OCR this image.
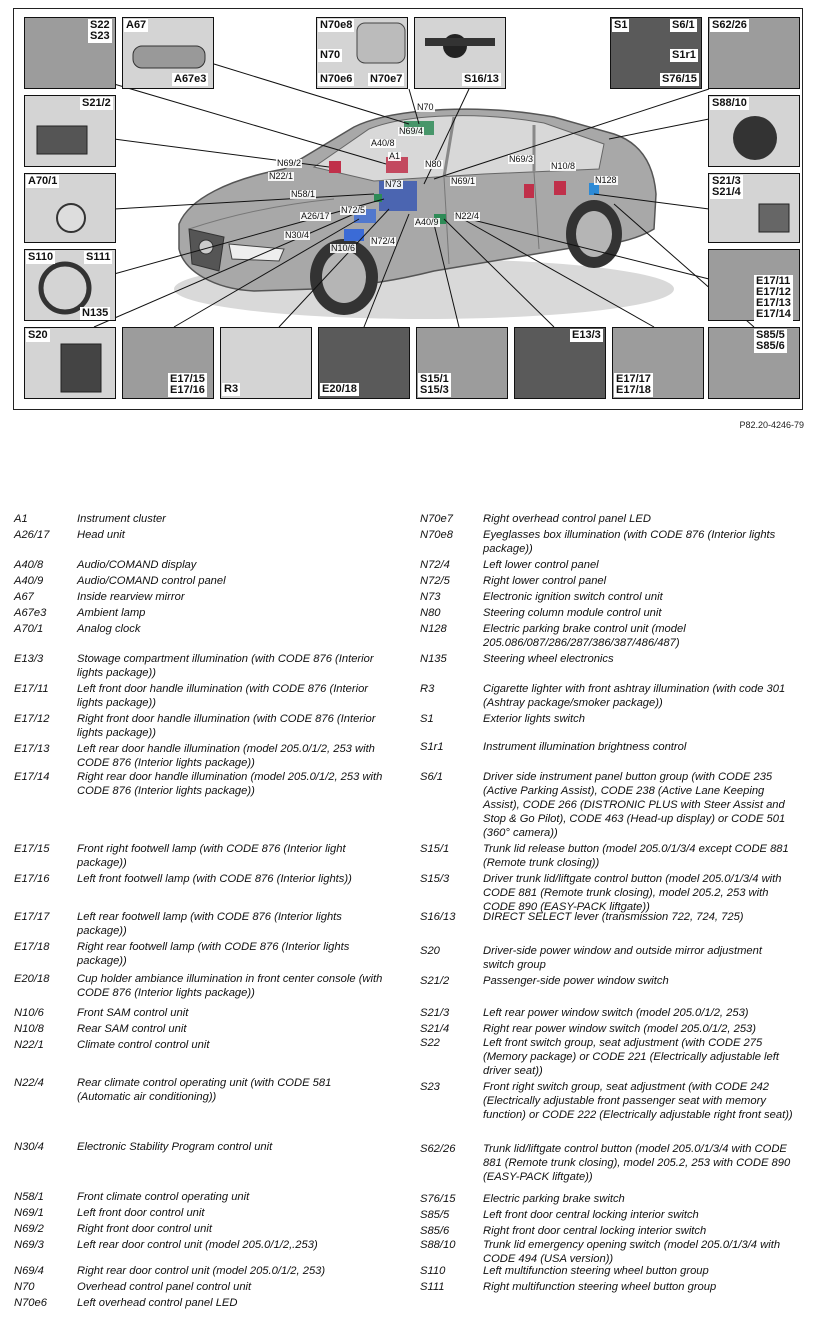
S22
S23
A67
A67e3
N70e8
N70
N70e6 N70e7	S16/13
S1	S6/1
S1r1
S76/15
S62/26
S21/2
A70/1
S110	S111
N135
S88/10
S21/3
S21/4
E17/11
E17/12
E17/13
E17/14
S20
E17/15
E17/16 R3	E20/18
S15/1
S15/3
E13/3
E17/17
E17/18
S85/5
S85/6
N70
N69/4
A40/8
A1
N69/2
N22/1
N80	N69/3
N10/8
N69/1	N128
N58/1
N73
A26/17
N72/5
N22/4
N30/4
A40/9
N72/4
N10/6
P82.20-4246-79
A1	Instrument cluster
A26/17	Head unit
A40/8	Audio/COMAND display
A40/9	Audio/COMAND control panel
A67	Inside rearview mirror
A67e3	Ambient lamp
A70/1	Analog clock
E13/3	Stowage compartment illumination (with CODE 876 (Interior lights package))
E17/11	Left front door handle illumination (with CODE 876 (Interior lights package))
E17/12	Right front door handle illumination (with CODE 876 (Interior lights package))
E17/13	Left rear door handle illumination (model 205.0/1/2, 253 with CODE 876 (Interior lights package))
E17/14	Right rear door handle illumination (model 205.0/1/2, 253 with CODE 876 (Interior lights package))
E17/15	Front right footwell lamp (with CODE 876 (Interior light package))
E17/16	Left front footwell lamp (with CODE 876 (Interior lights))
E17/17	Left rear footwell lamp (with CODE 876 (Interior lights package))
E17/18	Right rear footwell lamp (with CODE 876 (Interior lights package))
E20/18	Cup holder ambiance illumination in front center console (with CODE 876 (Interior lights package))
N10/6	Front SAM control unit
N10/8	Rear SAM control unit
N22/1	Climate control control unit
N22/4	Rear climate control operating unit (with CODE 581 (Automatic air conditioning))
N30/4	Electronic Stability Program control unit
N58/1	Front climate control operating unit
N69/1	Left front door control unit
N69/2	Right front door control unit
N69/3	Left rear door control unit (model 205.0/1/2,.253)
N69/4	Right rear door control unit (model 205.0/1/2, 253)
N70	Overhead control panel control unit
N70e6	Left overhead control panel LED
N70e7	Right overhead control panel LED
N70e8	Eyeglasses box illumination (with CODE 876 (Interior lights package))
N72/4	Left lower control panel
N72/5	Right lower control panel
N73	Electronic ignition switch control unit
N80	Steering column module control unit
N128	Electric parking brake control unit (model 205.086/087/286/287/386/387/486/487)
N135	Steering wheel electronics
R3	Cigarette lighter with front ashtray illumination (with code 301 (Ashtray package/smoker package))
S1	Exterior lights switch
S1r1	Instrument illumination brightness control
S6/1	Driver side instrument panel button group (with CODE 235 (Active Parking Assist), CODE 238 (Active Lane Keeping Assist), CODE 266 (DISTRONIC PLUS with Steer Assist and Stop & Go Pilot), CODE 463 (Head-up display) or CODE 501 (360° camera))
S15/1	Trunk lid release button (model 205.0/1/3/4 except CODE 881 (Remote trunk closing))
S15/3	Driver trunk lid/liftgate control button (model 205.0/1/3/4 with CODE 881 (Remote trunk closing), model 205.2, 253 with CODE 890 (EASY-PACK liftgate))
S16/13	DIRECT SELECT lever (transmission 722, 724, 725)
S20	Driver-side power window and outside mirror adjustment switch group
S21/2	Passenger-side power window switch
S21/3	Left rear power window switch (model 205.0/1/2, 253)
S21/4	Right rear power window switch (model 205.0/1/2, 253)
S22	Left front switch group, seat adjustment (with CODE 275 (Memory package) or CODE 221 (Electrically adjustable left driver seat))
S23	Front right switch group, seat adjustment (with CODE 242 (Electrically adjustable front passenger seat with memory function) or CODE 222 (Electrically adjustable right front seat))
S62/26	Trunk lid/liftgate control button (model 205.0/1/3/4 with CODE 881 (Remote trunk closing), model 205.2, 253 with CODE 890 (EASY-PACK liftgate))
S76/15	Electric parking brake switch
S85/5	Left front door central locking interior switch
S85/6	Right front door central locking interior switch
S88/10	Trunk lid emergency opening switch (model 205.0/1/3/4 with CODE 494 (USA version))
S110	Left multifunction steering wheel button group
S111	Right multifunction steering wheel button group
